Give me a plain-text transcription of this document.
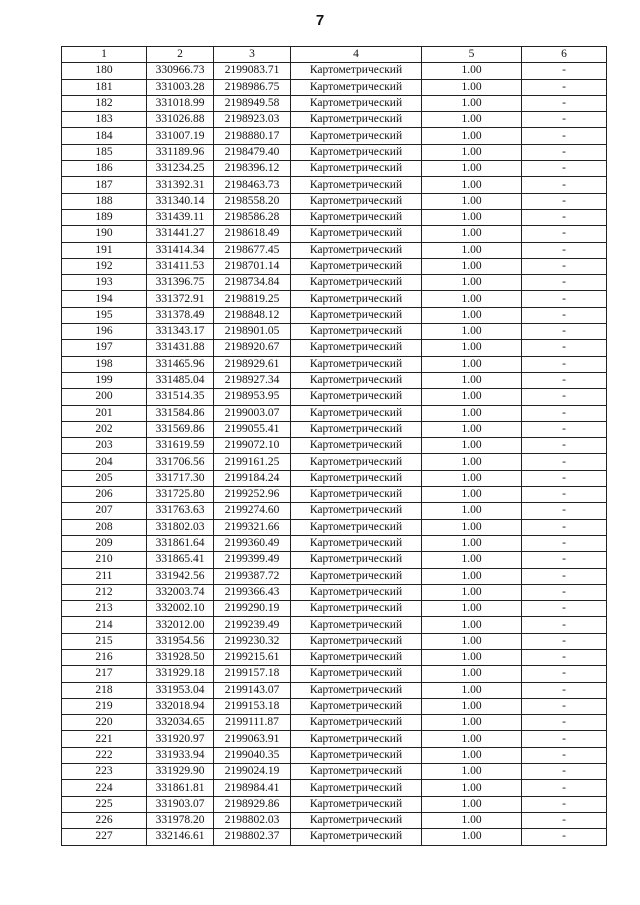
7
1	2	3	4	5	6
180	330966.73	2199083.71	Картометрический	1.00	-
181	331003.28	2198986.75	Картометрический	1.00	-
182	331018.99	2198949.58	Картометрический	1.00	-
183	331026.88	2198923.03	Картометрический	1.00	-
184	331007.19	2198880.17	Картометрический	1.00	-
185	331189.96	2198479.40	Картометрический	1.00	-
186	331234.25	2198396.12	Картометрический	1.00	-
187	331392.31	2198463.73	Картометрический	1.00	-
188	331340.14	2198558.20	Картометрический	1.00	-
189	331439.11	2198586.28	Картометрический	1.00	-
190	331441.27	2198618.49	Картометрический	1.00	-
191	331414.34	2198677.45	Картометрический	1.00	-
192	331411.53	2198701.14	Картометрический	1.00	-
193	331396.75	2198734.84	Картометрический	1.00	-
194	331372.91	2198819.25	Картометрический	1.00	-
195	331378.49	2198848.12	Картометрический	1.00	-
196	331343.17	2198901.05	Картометрический	1.00	-
197	331431.88	2198920.67	Картометрический	1.00	-
198	331465.96	2198929.61	Картометрический	1.00	-
199	331485.04	2198927.34	Картометрический	1.00	-
200	331514.35	2198953.95	Картометрический	1.00	-
201	331584.86	2199003.07	Картометрический	1.00	-
202	331569.86	2199055.41	Картометрический	1.00	-
203	331619.59	2199072.10	Картометрический	1.00	-
204	331706.56	2199161.25	Картометрический	1.00	-
205	331717.30	2199184.24	Картометрический	1.00	-
206	331725.80	2199252.96	Картометрический	1.00	-
207	331763.63	2199274.60	Картометрический	1.00	-
208	331802.03	2199321.66	Картометрический	1.00	-
209	331861.64	2199360.49	Картометрический	1.00	-
210	331865.41	2199399.49	Картометрический	1.00	-
211	331942.56	2199387.72	Картометрический	1.00	-
212	332003.74	2199366.43	Картометрический	1.00	-
213	332002.10	2199290.19	Картометрический	1.00	-
214	332012.00	2199239.49	Картометрический	1.00	-
215	331954.56	2199230.32	Картометрический	1.00	-
216	331928.50	2199215.61	Картометрический	1.00	-
217	331929.18	2199157.18	Картометрический	1.00	-
218	331953.04	2199143.07	Картометрический	1.00	-
219	332018.94	2199153.18	Картометрический	1.00	-
220	332034.65	2199111.87	Картометрический	1.00	-
221	331920.97	2199063.91	Картометрический	1.00	-
222	331933.94	2199040.35	Картометрический	1.00	-
223	331929.90	2199024.19	Картометрический	1.00	-
224	331861.81	2198984.41	Картометрический	1.00	-
225	331903.07	2198929.86	Картометрический	1.00	-
226	331978.20	2198802.03	Картометрический	1.00	-
227	332146.61	2198802.37	Картометрический	1.00	-
